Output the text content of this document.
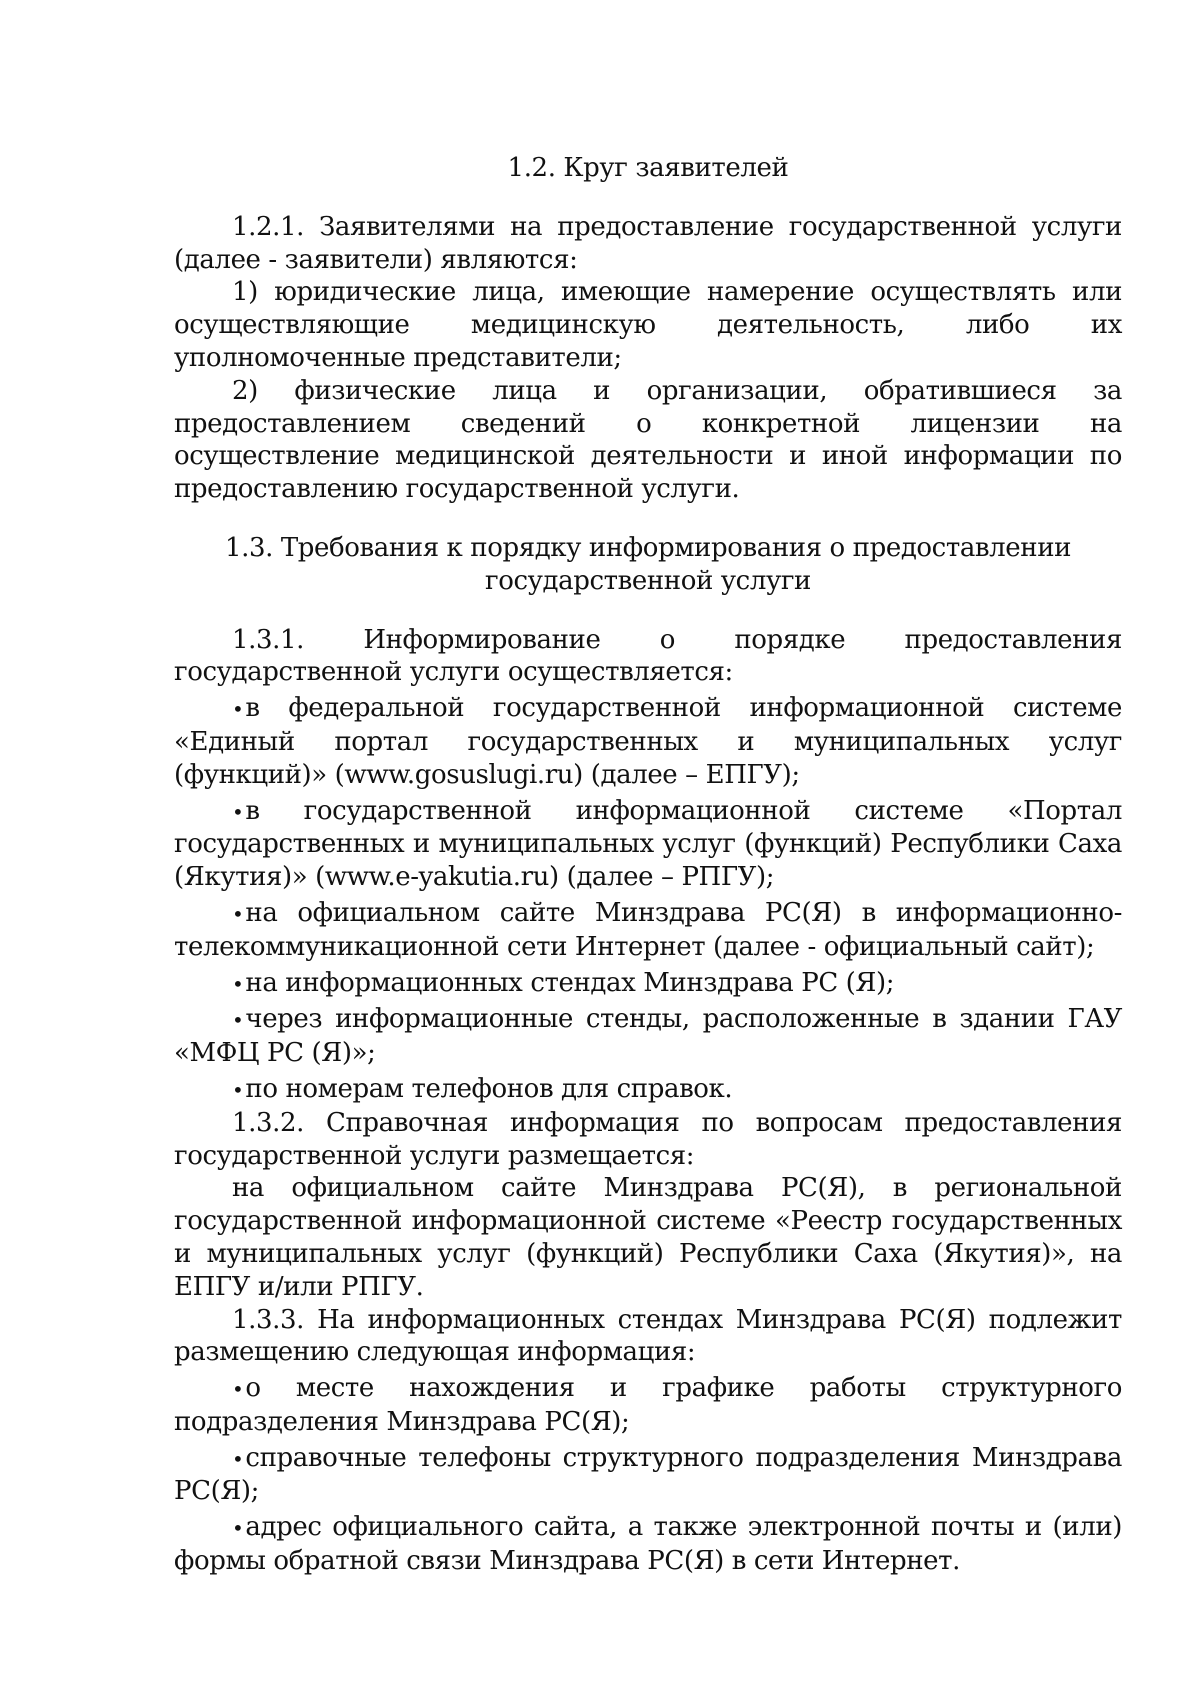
1.2. Круг заявителей

1.2.1. Заявителями на предоставление государственной услуги (далее - заявители) являются:

1) юридические лица, имеющие намерение осуществлять или осуществляющие медицинскую деятельность, либо их уполномоченные представители;

2) физические лица и организации, обратившиеся за предоставлением сведений о конкретной лицензии на осуществление медицинской деятельности и иной информации по предоставлению государственной услуги.

1.3. Требования к порядку информирования о предоставлении государственной услуги

1.3.1. Информирование о порядке предоставления государственной услуги осуществляется:

•в федеральной государственной информационной системе «Единый портал государственных и муниципальных услуг (функций)» (www.gosuslugi.ru) (далее – ЕПГУ);

•в государственной информационной системе «Портал государственных и муниципальных услуг (функций) Республики Саха (Якутия)» (www.e-yakutia.ru) (далее – РПГУ);

•на официальном сайте Минздрава РС(Я) в информационно-телекоммуникационной сети Интернет (далее - официальный сайт);

•на информационных стендах Минздрава РС (Я);

•через информационные стенды, расположенные в здании ГАУ «МФЦ РС (Я)»;

•по номерам телефонов для справок.

1.3.2. Справочная информация по вопросам предоставления государственной услуги размещается:

на официальном сайте Минздрава РС(Я), в региональной государственной информационной системе «Реестр государственных и муниципальных услуг (функций) Республики Саха (Якутия)», на ЕПГУ и/или РПГУ.

1.3.3. На информационных стендах Минздрава РС(Я) подлежит размещению следующая информация:

•о месте нахождения и графике работы структурного подразделения Минздрава РС(Я);

•справочные телефоны структурного подразделения Минздрава РС(Я);

•адрес официального сайта, а также электронной почты и (или) формы обратной связи Минздрава РС(Я) в сети Интернет.
